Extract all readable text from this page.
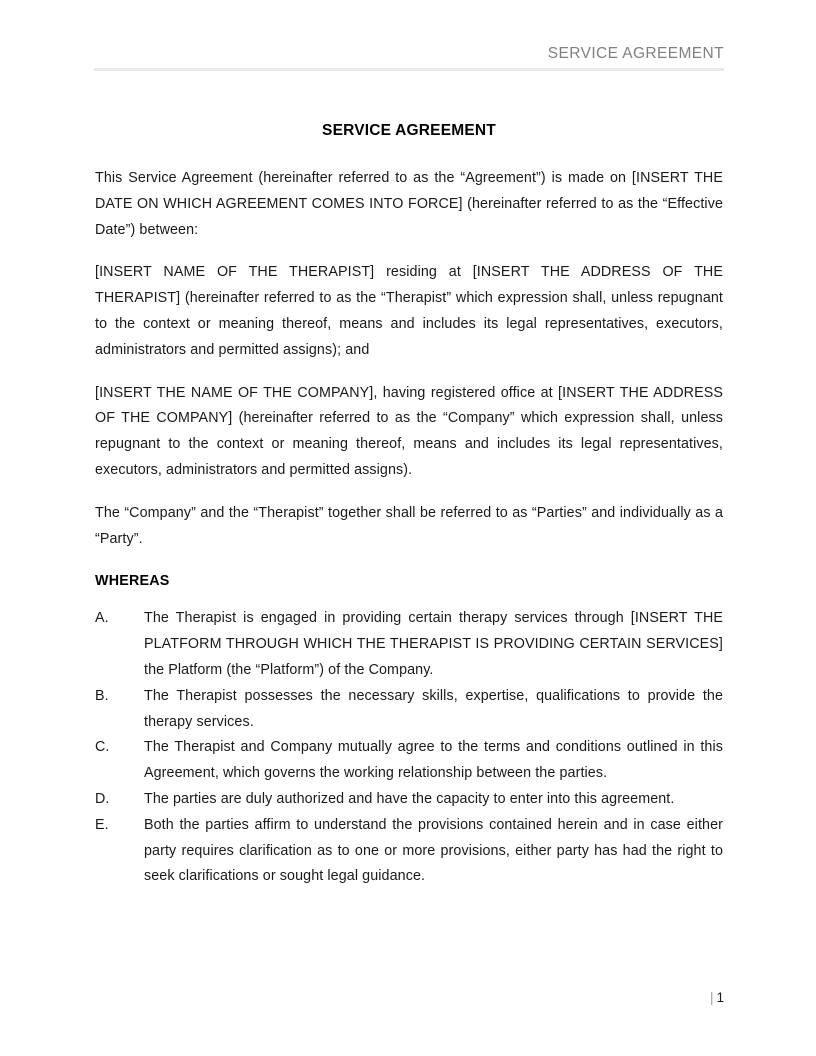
SERVICE AGREEMENT
SERVICE AGREEMENT

This Service Agreement (hereinafter referred to as the “Agreement”) is made on [INSERT THE DATE ON WHICH AGREEMENT COMES INTO FORCE] (hereinafter referred to as the “Effective Date”) between:

[INSERT NAME OF THE THERAPIST] residing at [INSERT THE ADDRESS OF THE THERAPIST] (hereinafter referred to as the “Therapist” which expression shall, unless repugnant to the context or meaning thereof, means and includes its legal representatives, executors, administrators and permitted assigns); and

[INSERT THE NAME OF THE COMPANY], having registered office at [INSERT THE ADDRESS OF THE COMPANY] (hereinafter referred to as the “Company” which expression shall, unless repugnant to the context or meaning thereof, means and includes its legal representatives, executors, administrators and permitted assigns).

The “Company” and the “Therapist” together shall be referred to as “Parties” and individually as a “Party”.

WHEREAS
A.	The Therapist is engaged in providing certain therapy services through [INSERT THE PLATFORM THROUGH WHICH THE THERAPIST IS PROVIDING CERTAIN SERVICES] the Platform (the “Platform”) of the Company.
B.	The Therapist possesses the necessary skills, expertise, qualifications to provide the therapy services.
C.	The Therapist and Company mutually agree to the terms and conditions outlined in this Agreement, which governs the working relationship between the parties.
D.	The parties are duly authorized and have the capacity to enter into this agreement.
E.	Both the parties affirm to understand the provisions contained herein and in case either party requires clarification as to one or more provisions, either party has had the right to seek clarifications or sought legal guidance.
| 1
